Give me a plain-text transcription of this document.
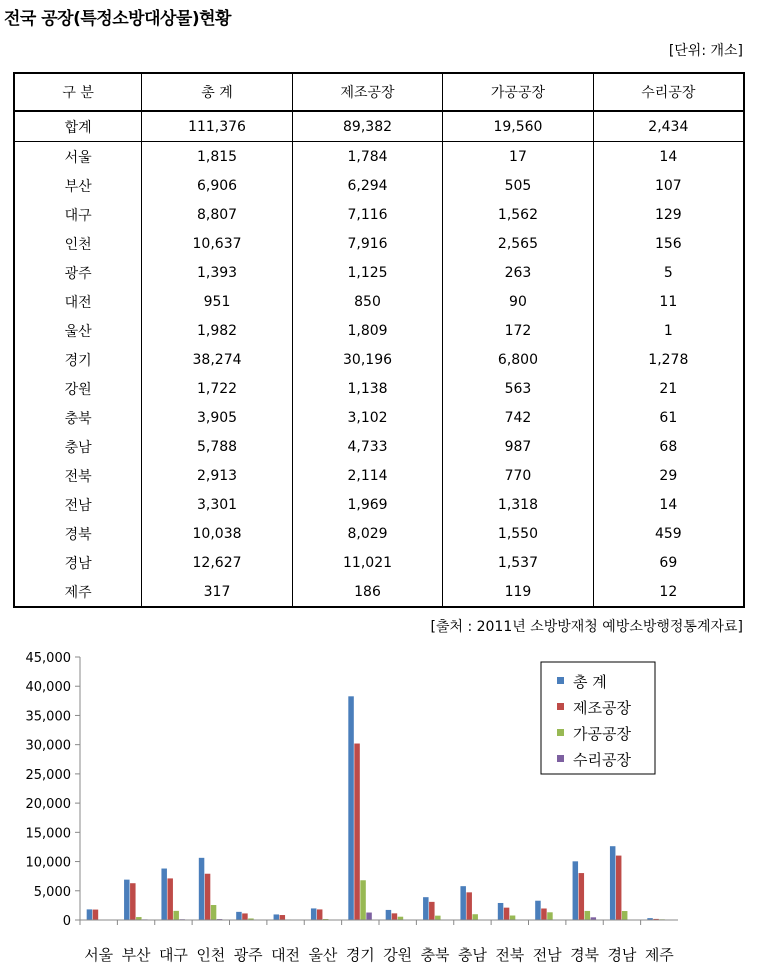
전국 공장(특정소방대상물)현황
[단위: 개소]
구 분	총 계	제조공장	가공공장	수리공장
합계	111,376	89,382	19,560	2,434
서울	1,815	1,784	17	14
부산	6,906	6,294	505	107
대구	8,807	7,116	1,562	129
인천	10,637	7,916	2,565	156
광주	1,393	1,125	263	5
대전	951	850	90	11
울산	1,982	1,809	172	1
경기	38,274	30,196	6,800	1,278
강원	1,722	1,138	563	21
충북	3,905	3,102	742	61
충남	5,788	4,733	987	68
전북	2,913	2,114	770	29
전남	3,301	1,969	1,318	14
경북	10,038	8,029	1,550	459
경남	12,627	11,021	1,537	69
제주	317	186	119	12
[출처 : 2011년 소방방재청 예방소방행정통계자료]
0
5,000
10,000
15,000
20,000
25,000
30,000
35,000
40,000
45,000
서울 부산 대구 인천 광주 대전 울산 경기 강원 충북 충남 전북 전남 경북 경남 제주
총 계
제조공장
가공공장
수리공장
